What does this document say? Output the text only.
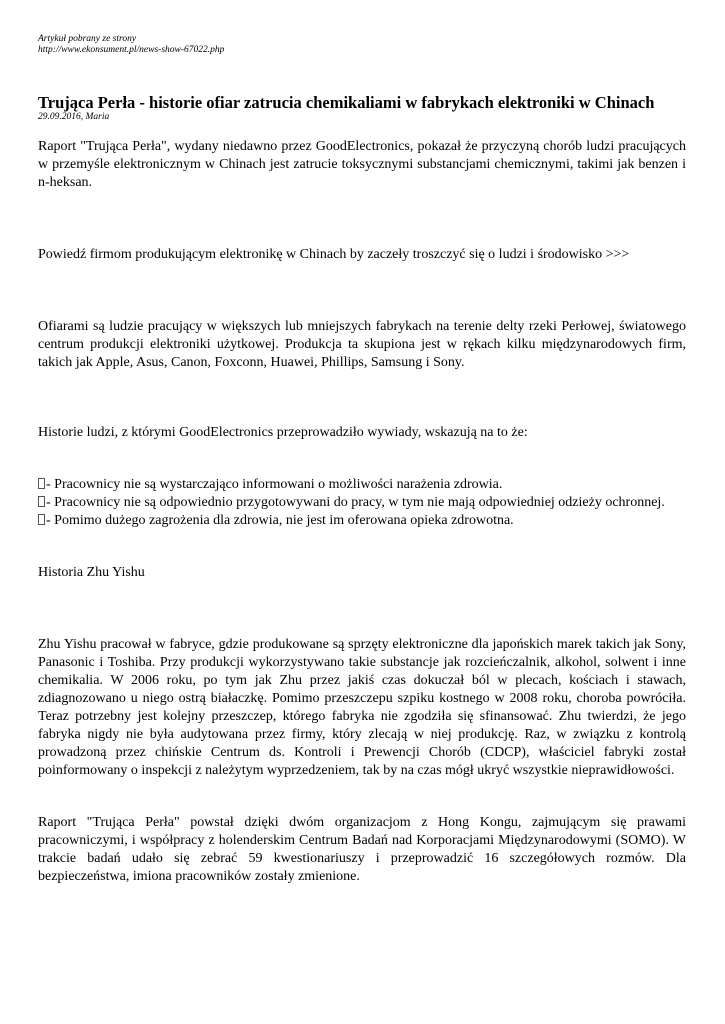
Artykuł pobrany ze strony
http://www.ekonsument.pl/news-show-67022.php
Trująca Perła - historie ofiar zatrucia chemikaliami w fabrykach elektroniki w Chinach
29.09.2016, Maria

Raport "Trująca Perła", wydany niedawno przez GoodElectronics, pokazał że przyczyną chorób ludzi pracujących w przemyśle elektronicznym w Chinach jest zatrucie toksycznymi substancjami chemicznymi, takimi jak benzen i n-heksan.

Powiedź firmom produkującym elektronikę w Chinach by zaczeły troszczyć się o ludzi i środowisko >>>

Ofiarami są ludzie pracujący w większych lub mniejszych fabrykach na terenie delty rzeki Perłowej, światowego centrum produkcji elektroniki użytkowej. Produkcja ta skupiona jest w rękach kilku międzynarodowych firm, takich jak Apple, Asus, Canon, Foxconn, Huawei, Phillips, Samsung i Sony.

Historie ludzi, z którymi GoodElectronics przeprowadziło wywiady, wskazują na to że:

- Pracownicy nie są wystarczająco informowani o możliwości narażenia zdrowia.
- Pracownicy nie są odpowiednio przygotowywani do pracy, w tym nie mają odpowiedniej odzieży ochronnej.
- Pomimo dużego zagrożenia dla zdrowia, nie jest im oferowana opieka zdrowotna.

Historia Zhu Yishu

Zhu Yishu pracował w fabryce, gdzie produkowane są sprzęty elektroniczne dla japońskich marek takich jak Sony, Panasonic i Toshiba. Przy produkcji wykorzystywano takie substancje jak rozcieńczalnik, alkohol, solwent i inne chemikalia. W 2006 roku, po tym jak Zhu przez jakiś czas dokuczał ból w plecach, kościach i stawach, zdiagnozowano u niego ostrą białaczkę. Pomimo przeszczepu szpiku kostnego w 2008 roku, choroba powróciła. Teraz potrzebny jest kolejny przeszczep, którego fabryka nie zgodziła się sfinansować. Zhu twierdzi, że jego fabryka nigdy nie była audytowana przez firmy, który zlecają w niej produkcję. Raz, w związku z kontrolą prowadzoną przez chińskie Centrum ds. Kontroli i Prewencji Chorób (CDCP), właściciel fabryki został poinformowany o inspekcji z należytym wyprzedzeniem, tak by na czas mógł ukryć wszystkie nieprawidłowości.

Raport "Trująca Perła" powstał dzięki dwóm organizacjom z Hong Kongu, zajmującym się prawami pracowniczymi, i współpracy z holenderskim Centrum Badań nad Korporacjami Międzynarodowymi (SOMO). W trakcie badań udało się zebrać 59 kwestionariuszy i przeprowadzić 16 szczegółowych rozmów. Dla bezpieczeństwa, imiona pracowników zostały zmienione.
